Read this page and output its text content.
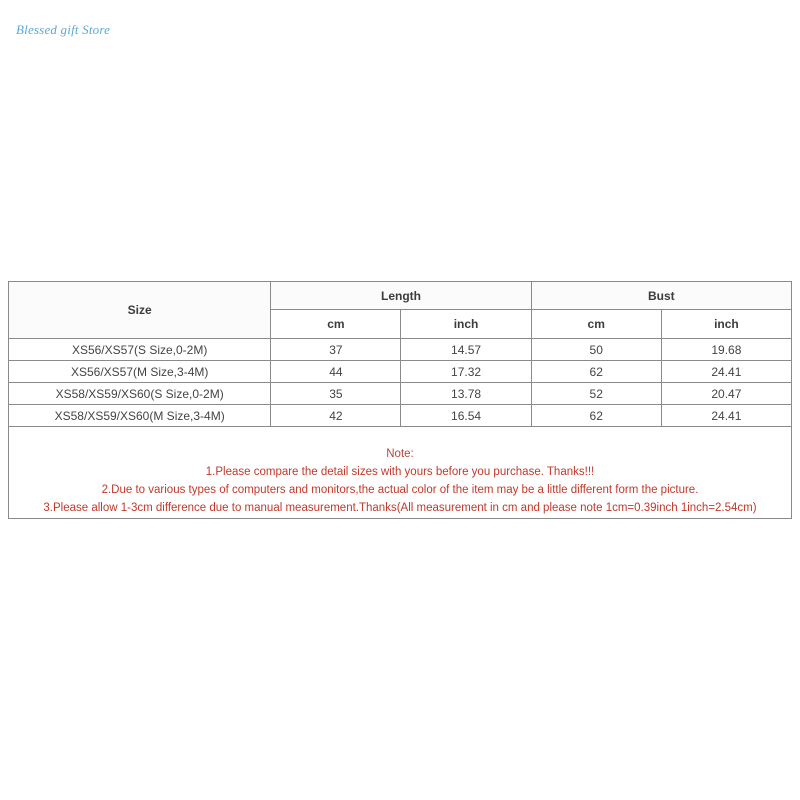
Blessed gift Store
Size	Length		Bust	
	cm	inch	cm	inch
XS56/XS57(S Size,0-2M)	37	14.57	50	19.68
XS56/XS57(M Size,3-4M)	44	17.32	62	24.41
XS58/XS59/XS60(S Size,0-2M)	35	13.78	52	20.47
XS58/XS59/XS60(M Size,3-4M)	42	16.54	62	24.41
Note:
1.Please compare the detail sizes with yours before you purchase. Thanks!!!
2.Due to various types of computers and monitors,the actual color of the item may be a little different form the picture.
3.Please allow 1-3cm difference due to manual measurement.Thanks(All measurement in cm and please note 1cm=0.39inch 1inch=2.54cm)
